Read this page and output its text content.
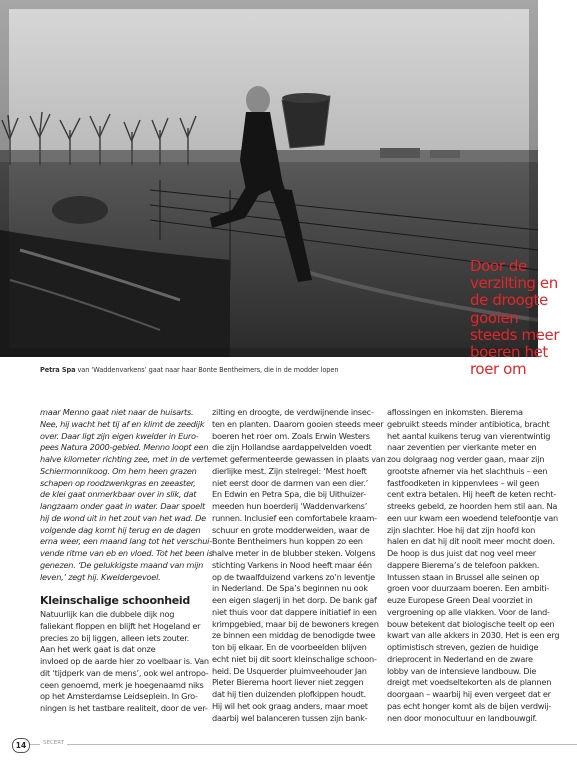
Door de
verzilting en
de droogte
gooien
steeds meer
boeren het
roer om
Petra Spa van ‘Waddenvarkens’ gaat naar haar Bonte Bentheimers, die in de modder lopen

maar Menno gaat niet naar de huisarts.

Nee, hij wacht het tij af en klimt de zeedijk

over. Daar ligt zijn eigen kwelder in Euro-

pees Natura 2000-gebied. Menno loopt een

halve kilometer richting zee, met in de verte

Schiermonnikoog. Om hem heen grazen

schapen op roodzwenkgras en zeeaster,

de klei gaat onmerkbaar over in slik, dat

langzaam onder gaat in water. Daar spoelt

hij de wond uit in het zout van het wad. De

volgende dag komt hij terug en de dagen

erna weer, een maand lang tot het verschui-

vende ritme van eb en vloed. Tot het been is

genezen. ‘De gelukkigste maand van mijn

leven,’ zegt hij. Kweldergevoel.

Kleinschalige schoonheid

Natuurlijk kan die dubbele dijk nog

faliekant floppen en blijft het Hogeland er

precies zo bij liggen, alleen iets zouter.

Aan het werk gaat is dat onze

invloed op de aarde hier zo voelbaar is. Van

dit ‘tijdperk van de mens’, ook wel antropo-

ceen genoemd, merk je hoegenaamd niks

op het Amsterdamse Leidseplein. In Gro-

ningen is het tastbare realiteit, door de ver-

zilting en droogte, de verdwijnende insec-

ten en planten. Daarom gooien steeds meer

boeren het roer om. Zoals Erwin Westers

die zijn Hollandse aardappelvelden voedt

met gefermenteerde gewassen in plaats van

dierlijke mest. Zijn stelregel: ‘Mest hoeft

niet eerst door de darmen van een dier.’

En Edwin en Petra Spa, die bij Uithuizer-

meeden hun boerderij ‘Waddenvarkens’

runnen. Inclusief een comfortabele kraam-

schuur en grote modderweiden, waar de

Bonte Bentheimers hun koppen zo een

halve meter in de blubber steken. Volgens

stichting Varkens in Nood heeft maar één

op de twaalfduizend varkens zo’n leventje

in Nederland. De Spa’s beginnen nu ook

een eigen slagerij in het dorp. De bank gaf

niet thuis voor dat dappere initiatief in een

krimpgebied, maar bij de bewoners kregen

ze binnen een middag de benodigde twee

ton bij elkaar. En de voorbeelden blijven

echt niet bij dit soort kleinschalige schoon-

heid. De Usquerder pluimveehouder Jan

Pieter Bierema hoort liever niet zeggen

dat hij tien duizenden plofkippen houdt.

Hij wil het ook graag anders, maar moet

daarbij wel balanceren tussen zijn bank-

aflossingen en inkomsten. Bierema

gebruikt steeds minder antibiotica, bracht

het aantal kuikens terug van vierentwintig

naar zeventien per vierkante meter en

zou dolgraag nog verder gaan, maar zijn

grootste afnemer via het slachthuis – een

fastfoodketen in kippenvlees – wil geen

cent extra betalen. Hij heeft de keten recht-

streeks gebeld, ze hoorden hem stil aan. Na

een uur kwam een woedend telefoontje van

zijn slachter. Hoe hij dat zijn hoofd kon

halen en dat hij dit nooit meer mocht doen.

De hoop is dus juist dat nog veel meer

dappere Bierema’s de telefoon pakken.

Intussen staan in Brussel alle seinen op

groen voor duurzaam boeren. Een ambiti-

euze Europese Green Deal voorziet in

vergroening op alle vlakken. Voor de land-

bouw betekent dat biologische teelt op een

kwart van alle akkers in 2030. Het is een erg

optimistisch streven, gezien de huidige

drieprocent in Nederland en de zware

lobby van de intensieve landbouw. Die

dreigt met voedseltekorten als de plannen

doorgaan – waarbij hij even vergeet dat er

pas echt honger komt als de bijen verdwij-

nen door monocultuur en landbouwgif.

14	SECERT
